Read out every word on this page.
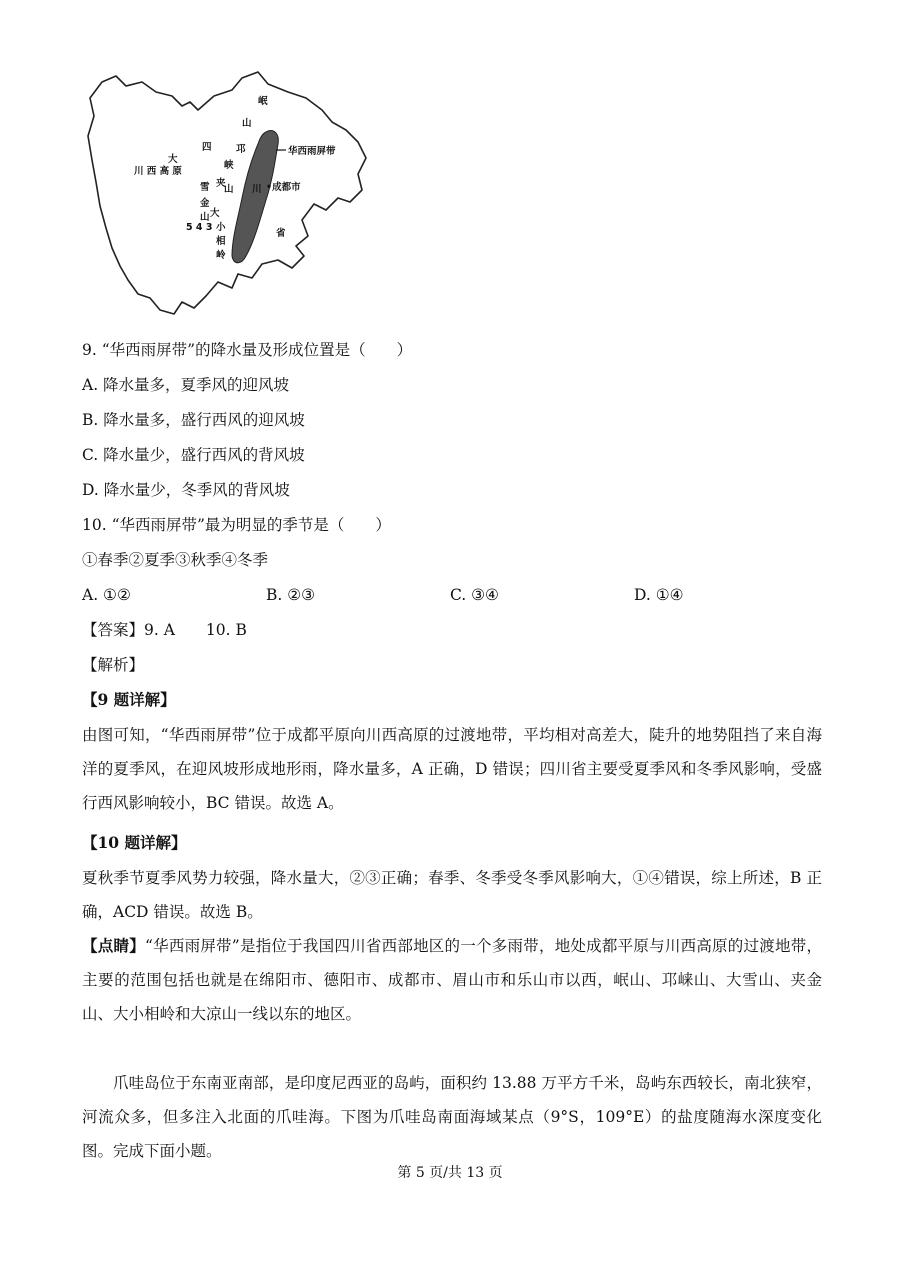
岷
山
四	邛
大
峡
川 西 高 原
雪 夹
山 川 •成都市
金
山 大
5 4 3 小
相
岭
省
华西雨屏带
9. “华西雨屏带”的降水量及形成位置是（　　）
A. 降水量多，夏季风的迎风坡
B. 降水量多，盛行西风的迎风坡
C. 降水量少，盛行西风的背风坡
D. 降水量少，冬季风的背风坡
10. “华西雨屏带”最为明显的季节是（　　）
①春季②夏季③秋季④冬季
A. ①②	B. ②③	C. ③④	D. ①④
【答案】9. A　　10. B
【解析】
【9 题详解】
由图可知，“华西雨屏带”位于成都平原向川西高原的过渡地带，平均相对高差大，陡升的地势阻挡了来自海洋的夏季风，在迎风坡形成地形雨，降水量多，A 正确，D 错误；四川省主要受夏季风和冬季风影响，受盛行西风影响较小，BC 错误。故选 A。
【10 题详解】
夏秋季节夏季风势力较强，降水量大，②③正确；春季、冬季受冬季风影响大，①④错误，综上所述，B 正确，ACD 错误。故选 B。
【点睛】“华西雨屏带”是指位于我国四川省西部地区的一个多雨带，地处成都平原与川西高原的过渡地带，主要的范围包括也就是在绵阳市、德阳市、成都市、眉山市和乐山市以西，岷山、邛崃山、大雪山、夹金山、大小相岭和大凉山一线以东的地区。
爪哇岛位于东南亚南部，是印度尼西亚的岛屿，面积约 13.88 万平方千米，岛屿东西较长，南北狭窄，河流众多，但多注入北面的爪哇海。下图为爪哇岛南面海域某点（9°S，109°E）的盐度随海水深度变化图。完成下面小题。
第 5 页/共 13 页
